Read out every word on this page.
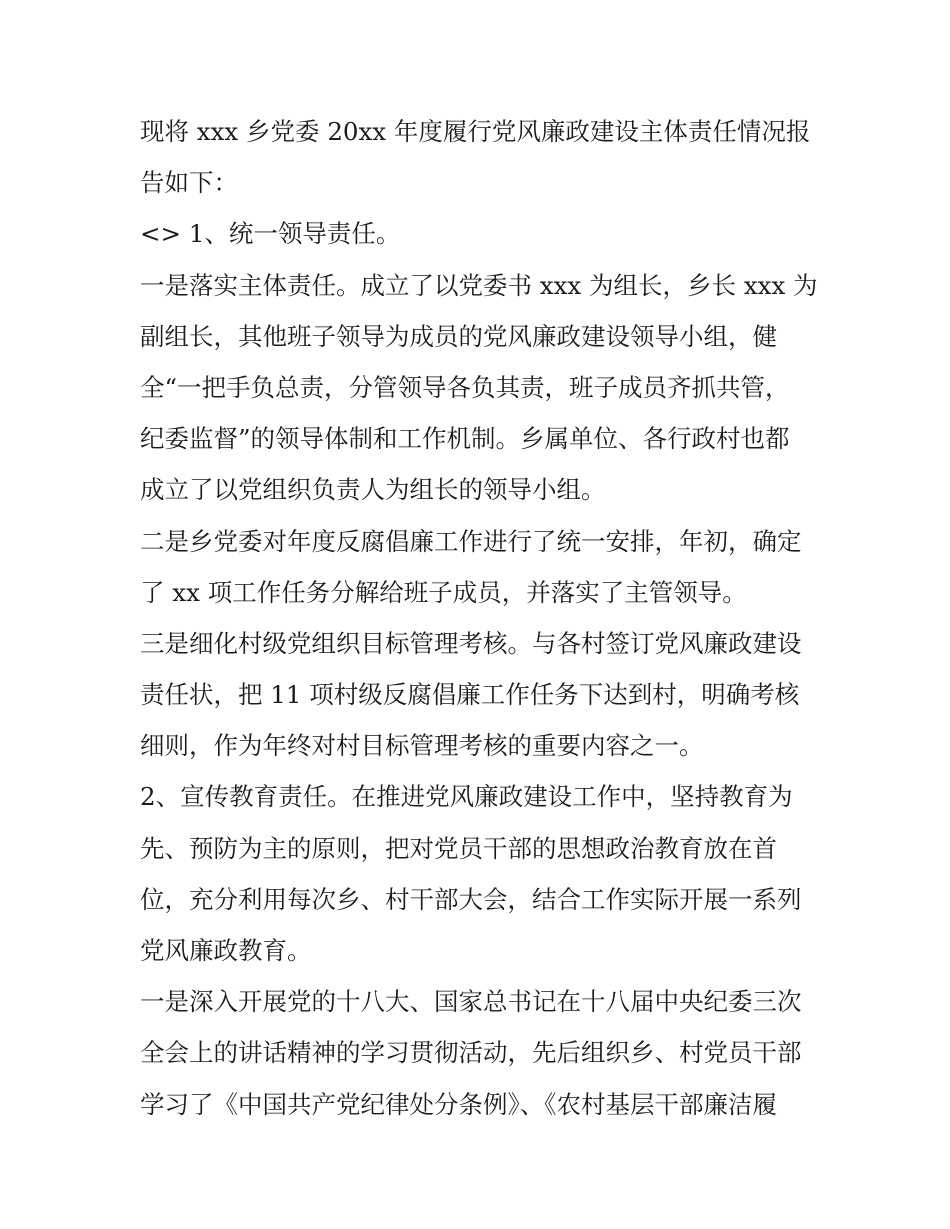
现将 xxx 乡党委 20xx 年度履行党风廉政建设主体责任情况报
告如下：
<> 1、统一领导责任。
一是落实主体责任。成立了以党委书 xxx 为组长，乡长 xxx 为
副组长，其他班子领导为成员的党风廉政建设领导小组，健
全“一把手负总责，分管领导各负其责，班子成员齐抓共管，
纪委监督”的领导体制和工作机制。乡属单位、各行政村也都
成立了以党组织负责人为组长的领导小组。
二是乡党委对年度反腐倡廉工作进行了统一安排，年初，确定
了 xx 项工作任务分解给班子成员，并落实了主管领导。
三是细化村级党组织目标管理考核。与各村签订党风廉政建设
责任状，把 11 项村级反腐倡廉工作任务下达到村，明确考核
细则，作为年终对村目标管理考核的重要内容之一。
2、宣传教育责任。在推进党风廉政建设工作中，坚持教育为
先、预防为主的原则，把对党员干部的思想政治教育放在首
位，充分利用每次乡、村干部大会，结合工作实际开展一系列
党风廉政教育。
一是深入开展党的十八大、国家总书记在十八届中央纪委三次
全会上的讲话精神的学习贯彻活动，先后组织乡、村党员干部
学习了《中国共产党纪律处分条例》、《农村基层干部廉洁履
